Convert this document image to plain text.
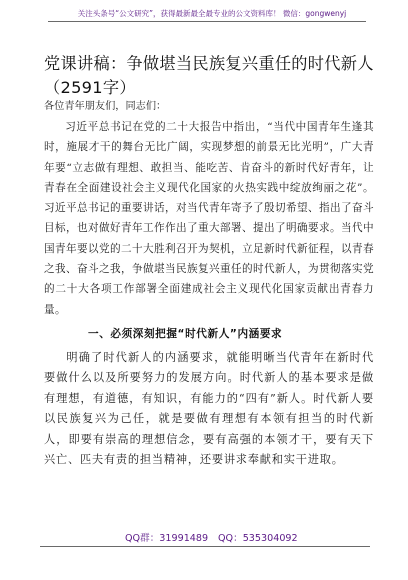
关注头条号“公文研究”，获得最新最全最专业的公文资料库！ 微信：gongwenyj
党课讲稿：争做堪当民族复兴重任的时代新人（2591字）
各位青年朋友们，同志们：
习近平总书记在党的二十大报告中指出，“当代中国青年生逢其时，施展才干的舞台无比广阔，实现梦想的前景无比光明”，广大青年要“立志做有理想、敢担当、能吃苦、肯奋斗的新时代好青年，让青春在全面建设社会主义现代化国家的火热实践中绽放绚丽之花”。习近平总书记的重要讲话，对当代青年寄予了殷切希望、指出了奋斗目标，也对做好青年工作作出了重大部署、提出了明确要求。当代中国青年要以党的二十大胜利召开为契机，立足新时代新征程，以青春之我、奋斗之我，争做堪当民族复兴重任的时代新人，为贯彻落实党的二十大各项工作部署全面建成社会主义现代化国家贡献出青春力量。
一、必须深刻把握“时代新人”内涵要求
明确了时代新人的内涵要求，就能明晰当代青年在新时代要做什么以及所要努力的发展方向。时代新人的基本要求是做有理想，有道德，有知识，有能力的“四有”新人。时代新人要以民族复兴为己任，就是要做有理想有本领有担当的时代新人，即要有崇高的理想信念，要有高强的本领才干，要有天下兴亡、匹夫有责的担当精神，还要讲求奉献和实干进取。
QQ群：31991489 QQ：535304092
